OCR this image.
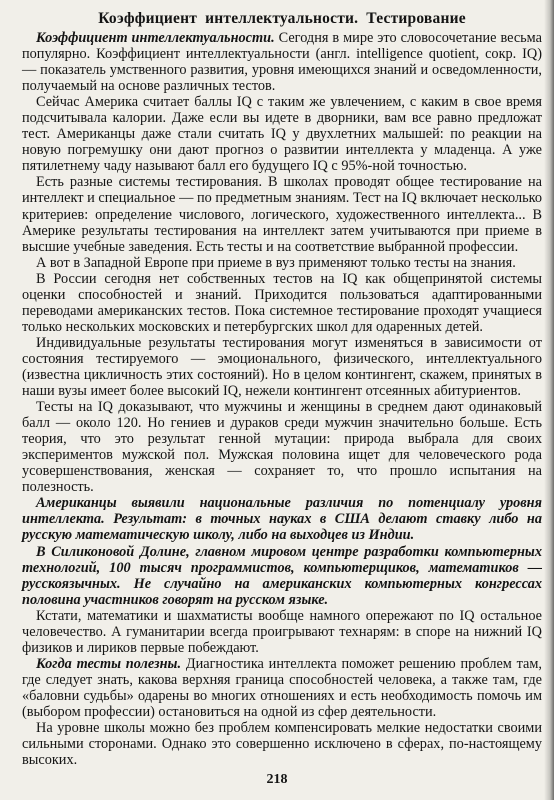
Коэффициент интеллектуальности. Тестирование

Коэффициент интеллектуальности. Сегодня в мире это словосочетание весьма популярно. Коэффициент интеллектуальности (англ. intelligence quotient, сокр. IQ) — показатель умственного развития, уровня имеющихся знаний и осведомленности, получаемый на основе различных тестов.

Сейчас Америка считает баллы IQ с таким же увлечением, с каким в свое время подсчитывала калории. Даже если вы идете в дворники, вам все равно предложат тест. Американцы даже стали считать IQ у двухлетних малышей: по реакции на новую погремушку они дают прогноз о развитии интеллекта у младенца. А уже пятилетнему чаду называют балл его будущего IQ с 95%-ной точностью.

Есть разные системы тестирования. В школах проводят общее тестирование на интеллект и специальное — по предметным знаниям. Тест на IQ включает несколько критериев: определение числового, логического, художественного интеллекта... В Америке результаты тестирования на интеллект затем учитываются при приеме в высшие учебные заведения. Есть тесты и на соответствие выбранной профессии.

А вот в Западной Европе при приеме в вуз применяют только тесты на знания.

В России сегодня нет собственных тестов на IQ как общепринятой системы оценки способностей и знаний. Приходится пользоваться адаптированными переводами американских тестов. Пока системное тестирование проходят учащиеся только нескольких московских и петербургских школ для одаренных детей.

Индивидуальные результаты тестирования могут изменяться в зависимости от состояния тестируемого — эмоционального, физического, интеллектуального (известна цикличность этих состояний). Но в целом контингент, скажем, принятых в наши вузы имеет более высокий IQ, нежели контингент отсеянных абитуриентов.

Тесты на IQ доказывают, что мужчины и женщины в среднем дают одинаковый балл — около 120. Но гениев и дураков среди мужчин значительно больше. Есть теория, что это результат генной мутации: природа выбрала для своих экспериментов мужской пол. Мужская половина ищет для человеческого рода усовершенствования, женская — сохраняет то, что прошло испытания на полезность.

Американцы выявили национальные различия по потенциалу уровня интеллекта. Результат: в точных науках в США делают ставку либо на русскую математическую школу, либо на выходцев из Индии.

В Силиконовой Долине, главном мировом центре разработки компьютерных технологий, 100 тысяч программистов, компьютерщиков, математиков — русскоязычных. Не случайно на американских компьютерных конгрессах половина участников говорят на русском языке.

Кстати, математики и шахматисты вообще намного опережают по IQ остальное человечество. А гуманитарии всегда проигрывают технарям: в споре на нижний IQ физиков и лириков первые побеждают.

Когда тесты полезны. Диагностика интеллекта поможет решению проблем там, где следует знать, какова верхняя граница способностей человека, а также там, где «баловни судьбы» одарены во многих отношениях и есть необходимость помочь им (выбором профессии) остановиться на одной из сфер деятельности.

На уровне школы можно без проблем компенсировать мелкие недостатки своими сильными сторонами. Однако это совершенно исключено в сферах, по-настоящему высоких.

218
